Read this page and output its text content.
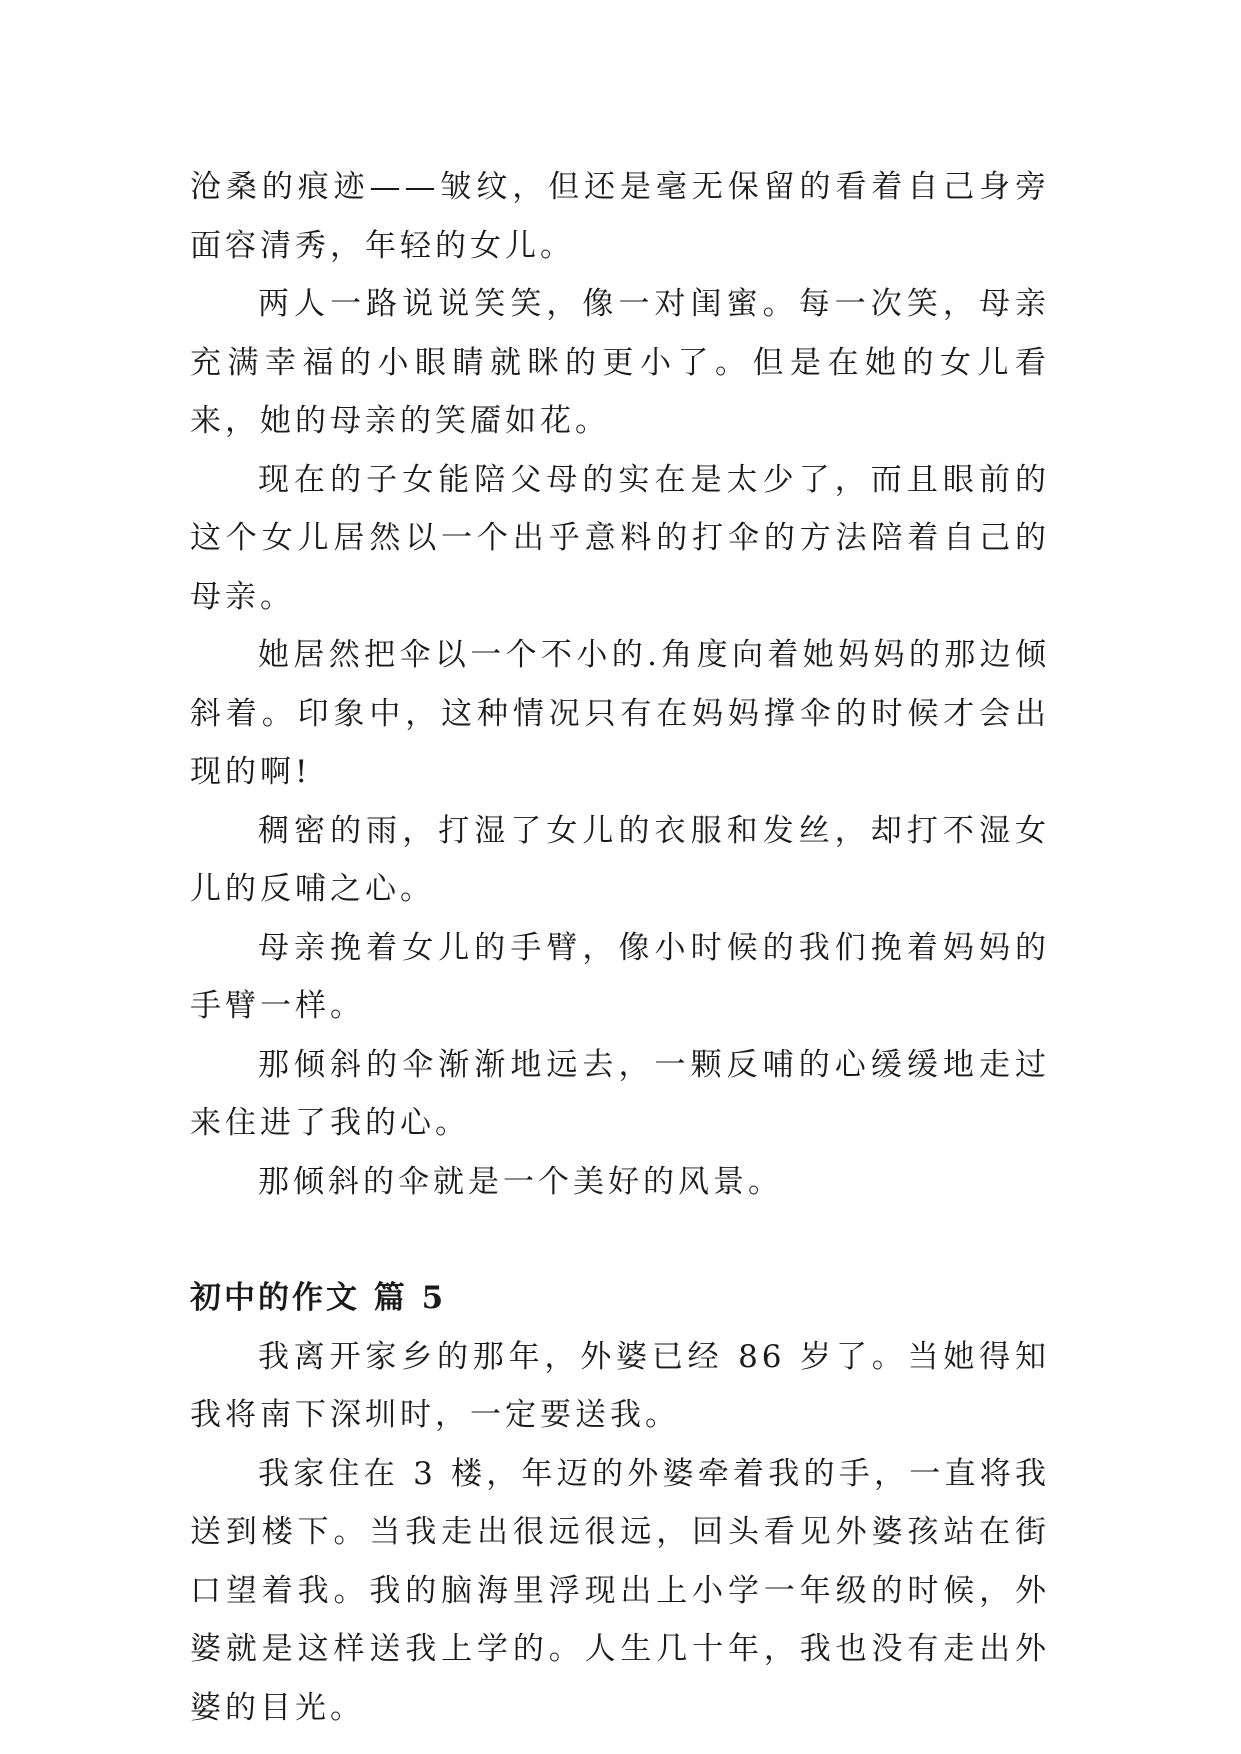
沧桑的痕迹——皱纹，但还是毫无保留的看着自己身旁面容清秀，年轻的女儿。

两人一路说说笑笑，像一对闺蜜。每一次笑，母亲充满幸福的小眼睛就眯的更小了。但是在她的女儿看来，她的母亲的笑靥如花。

现在的子女能陪父母的实在是太少了，而且眼前的这个女儿居然以一个出乎意料的打伞的方法陪着自己的母亲。

她居然把伞以一个不小的.角度向着她妈妈的那边倾斜着。印象中，这种情况只有在妈妈撑伞的时候才会出现的啊!

稠密的雨，打湿了女儿的衣服和发丝，却打不湿女儿的反哺之心。

母亲挽着女儿的手臂，像小时候的我们挽着妈妈的手臂一样。

那倾斜的伞渐渐地远去，一颗反哺的心缓缓地走过来住进了我的心。

那倾斜的伞就是一个美好的风景。

初中的作文 篇 5

我离开家乡的那年，外婆已经 86 岁了。当她得知我将南下深圳时，一定要送我。

我家住在 3 楼，年迈的外婆牵着我的手，一直将我送到楼下。当我走出很远很远，回头看见外婆孩站在街口望着我。我的脑海里浮现出上小学一年级的时候，外婆就是这样送我上学的。人生几十年，我也没有走出外婆的目光。
